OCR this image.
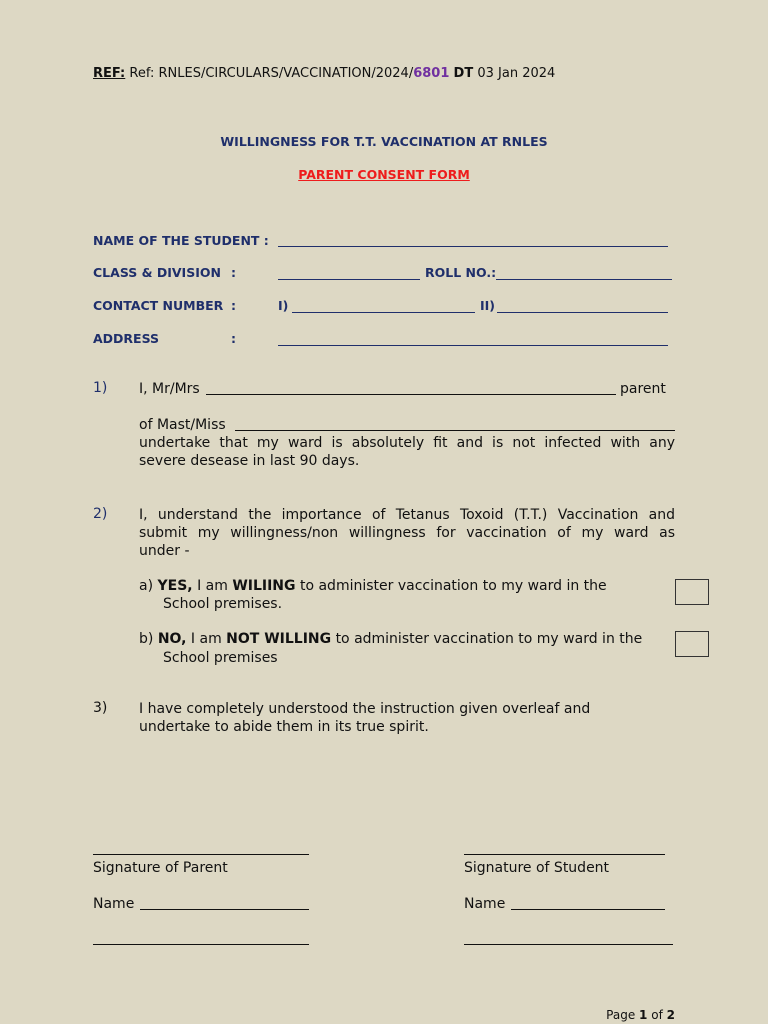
REF: Ref: RNLES/CIRCULARS/VACCINATION/2024/6801 DT 03 Jan 2024
WILLINGNESS FOR T.T. VACCINATION AT RNLES
PARENT CONSENT FORM
NAME OF THE STUDENT :
CLASS & DIVISION :	ROLL NO.:
CONTACT NUMBER :	I)	II)
ADDRESS	:
1) I, Mr/Mrs	parent
of Mast/Miss
undertake that my ward is absolutely fit and is not infected with any
severe desease in last 90 days.
2) I, understand the importance of Tetanus Toxoid (T.T.) Vaccination and
submit my willingness/non willingness for vaccination of my ward as
under -
a) YES, I am WILIING to administer vaccination to my ward in the
School premises.
b) NO, I am NOT WILLING to administer vaccination to my ward in the
School premises
3) I have completely understood the instruction given overleaf and
undertake to abide them in its true spirit.
Signature of Parent
Name
Signature of Student
Name
Page 1 of 2
